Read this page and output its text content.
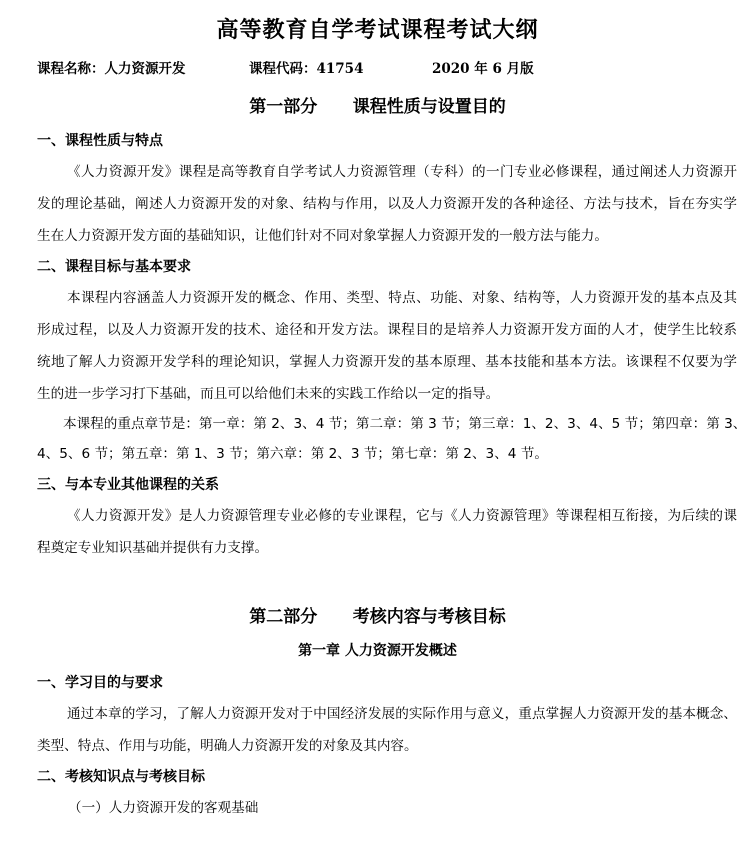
高等教育自学考试课程考试大纲
课程名称：人力资源开发	课程代码：41754	2020 年 6 月版
第一部分      课程性质与设置目的
一、课程性质与特点
《人力资源开发》课程是高等教育自学考试人力资源管理（专科）的一门专业必修课程，通过阐述人力资源开
发的理论基础，阐述人力资源开发的对象、结构与作用，以及人力资源开发的各种途径、方法与技术，旨在夯实学
生在人力资源开发方面的基础知识，让他们针对不同对象掌握人力资源开发的一般方法与能力。
二、课程目标与基本要求
本课程内容涵盖人力资源开发的概念、作用、类型、特点、功能、对象、结构等，人力资源开发的基本点及其
形成过程，以及人力资源开发的技术、途径和开发方法。课程目的是培养人力资源开发方面的人才，使学生比较系
统地了解人力资源开发学科的理论知识，掌握人力资源开发的基本原理、基本技能和基本方法。该课程不仅要为学
生的进一步学习打下基础，而且可以给他们未来的实践工作给以一定的指导。
本课程的重点章节是：第一章：第 2、3、4 节；第二章：第 3 节；第三章：1、2、3、4、5 节；第四章：第 3、
4、5、6 节；第五章：第 1、3 节；第六章：第 2、3 节；第七章：第 2、3、4 节。
三、与本专业其他课程的关系
《人力资源开发》是人力资源管理专业必修的专业课程，它与《人力资源管理》等课程相互衔接，为后续的课
程奠定专业知识基础并提供有力支撑。
第二部分      考核内容与考核目标
第一章 人力资源开发概述
一、学习目的与要求
通过本章的学习，了解人力资源开发对于中国经济发展的实际作用与意义，重点掌握人力资源开发的基本概念、
类型、特点、作用与功能，明确人力资源开发的对象及其内容。
二、考核知识点与考核目标
（一）人力资源开发的客观基础
